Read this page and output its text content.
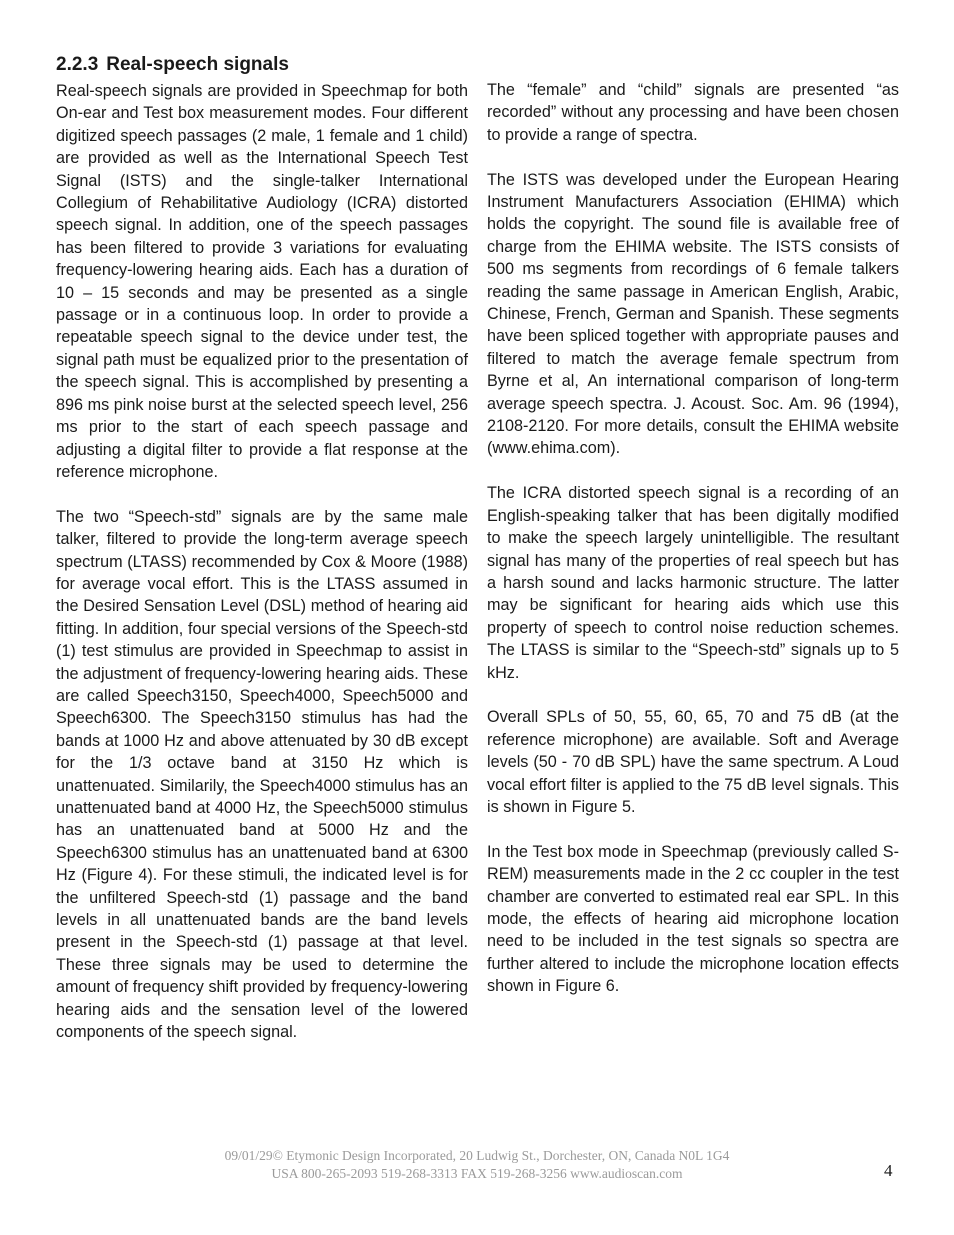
2.2.3 Real-speech signals

Real-speech signals are provided in Speechmap for both On-ear and Test box measurement modes. Four different digitized speech passages (2 male, 1 female and 1 child) are provided as well as the International Speech Test Signal (ISTS) and the single-talker International Collegium of Rehabilitative Audiology (ICRA) distorted speech signal. In addition, one of the speech passages has been filtered to provide 3 variations for evaluating frequency-lowering hearing aids. Each has a duration of 10 – 15 seconds and may be presented as a single passage or in a continuous loop. In order to provide a repeatable speech signal to the device under test, the signal path must be equalized prior to the presentation of the speech signal. This is accomplished by presenting a 896 ms pink noise burst at the selected speech level, 256 ms prior to the start of each speech passage and adjusting a digital filter to provide a flat response at the reference microphone.

The two “Speech-std” signals are by the same male talker, filtered to provide the long-term average speech spectrum (LTASS) recommended by Cox & Moore (1988) for average vocal effort. This is the LTASS assumed in the Desired Sensation Level (DSL) method of hearing aid fitting. In addition, four special versions of the Speech-std (1) test stimulus are provided in Speechmap to assist in the adjustment of frequency-lowering hearing aids. These are called Speech3150, Speech4000, Speech5000 and Speech6300. The Speech3150 stimulus has had the bands at 1000 Hz and above attenuated by 30 dB except for the 1/3 octave band at 3150 Hz which is unattenuated. Similarily, the Speech4000 stimulus has an unattenuated band at 4000 Hz, the Speech5000 stimulus has an unattenuated band at 5000 Hz and the Speech6300 stimulus has an unattenuated band at 6300 Hz (Figure 4). For these stimuli, the indicated level is for the unfiltered Speech-std (1) passage and the band levels in all unattenuated bands are the band levels present in the Speech-std (1) passage at that level. These three signals may be used to determine the amount of frequency shift provided by frequency-lowering hearing aids and the sensation level of the lowered components of the speech signal.

The “female” and “child” signals are presented “as recorded” without any processing and have been chosen to provide a range of spectra.

The ISTS was developed under the European Hearing Instrument Manufacturers Association (EHIMA) which holds the copyright. The sound file is available free of charge from the EHIMA website. The ISTS consists of 500 ms segments from recordings of 6 female talkers reading the same passage in American English, Arabic, Chinese, French, German and Spanish. These segments have been spliced together with appropriate pauses and filtered to match the average female spectrum from Byrne et al, An international comparison of long-term average speech spectra. J. Acoust. Soc. Am. 96 (1994), 2108-2120. For more details, consult the EHIMA website (www.ehima.com).

The ICRA distorted speech signal is a recording of an English-speaking talker that has been digitally modified to make the speech largely unintelligible. The resultant signal has many of the properties of real speech but has a harsh sound and lacks harmonic structure. The latter may be significant for hearing aids which use this property of speech to control noise reduction schemes. The LTASS is similar to the “Speech-std” signals up to 5 kHz.

Overall SPLs of 50, 55, 60, 65, 70 and 75 dB (at the reference microphone) are available. Soft and Average levels (50 - 70 dB SPL) have the same spectrum. A Loud vocal effort filter is applied to the 75 dB level signals. This is shown in Figure 5.

In the Test box mode in Speechmap (previously called S-REM) measurements made in the 2 cc coupler in the test chamber are converted to estimated real ear SPL. In this mode, the effects of hearing aid microphone location need to be included in the test signals so spectra are further altered to include the microphone location effects shown in Figure 6.

09/01/29© Etymonic Design Incorporated, 20 Ludwig St., Dorchester, ON, Canada N0L 1G4
USA 800-265-2093 519-268-3313 FAX 519-268-3256 www.audioscan.com	4
